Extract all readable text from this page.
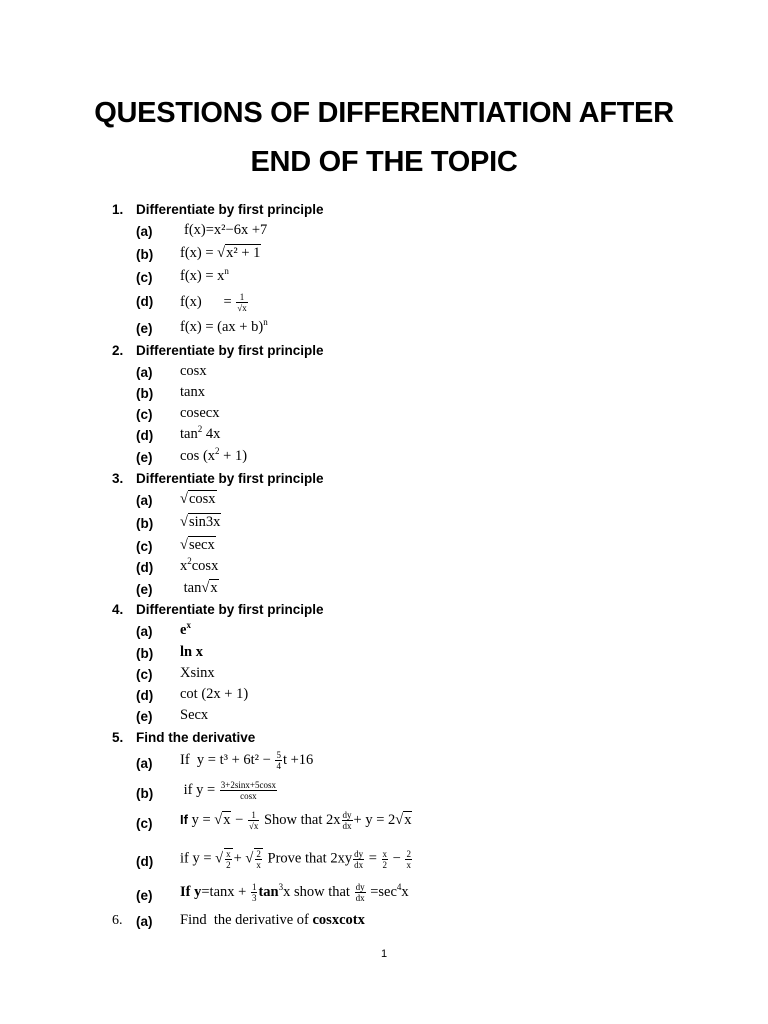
QUESTIONS OF DIFFERENTIATION AFTER
END OF THE TOPIC
1. Differentiate by first principle
(a) f(x)=x²−6x +7
(b) f(x) = √x² + 1
(c) $f(x) = x^n$
(d) f(x)      = $\frac{1}{√x}$
(e) f(x) = (ax + b)$^n$
2. Differentiate by first principle
(a) cosx
(b) tanx
(c) cosecx
(d) $\tan^2 4x$
(e) $\cos (x^2 + 1)$
3. Differentiate by first principle
(a) √cosx
(b) √sin3x
(c) √secx
(d) $x^2\cos x$
(e) tan√x
4. Differentiate by first principle
(a) $e^x$
(b) ln x
(c) Xsinx
(d) cot (2x + 1)
(e) Secx
5. Find the derivative
(a) If  $y = t^3 + 6t^2 - \frac{5}{4}$ t +16
(b) if $y = \frac{3+2\sin x+5\cos x}{\cos x}$
(c) If $y = √x - \frac{1}{√x}$ Show that $2x \frac{dy}{dx} + y = 2√x$
(d) if y = √ $\frac{x}{2}$ + √ $\frac{2}{x}$ Prove that $2xy \frac{dy}{dx} = \frac{x}{2} - \frac{2}{x}$
(e) If $y=\tan x + \frac{1}{3} \tan^3x$ show that $\frac{dy}{dx} =\sec^4x$
6. (a) Find  the derivative of cosxcotx
1
